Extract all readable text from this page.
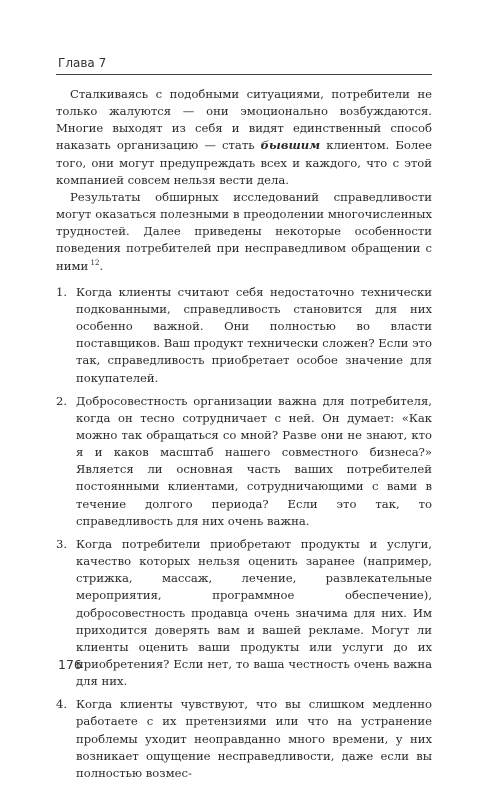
Глава 7

Сталкиваясь с подобными ситуациями, потребители не только жалуются — они эмоционально возбуждаются. Многие выходят из себя и видят единственный способ наказать организацию — стать бывшим клиентом. Более того, они могут предупреждать всех и каждого, что с этой компанией совсем нельзя вести дела.

Результаты обширных исследований справедливости могут оказаться полезными в преодолении многочисленных трудностей. Далее приведены некоторые особенности поведения потребителей при несправедливом обращении с ними  $^{12}$.

1. Когда клиенты считают себя недостаточно технически подкованными, справедливость становится для них особенно важной. Они полностью во власти поставщиков. Ваш продукт технически сложен? Если это так, справедливость приобретает особое значение для покупателей.
2. Добросовестность организации важна для потребителя, когда он тесно сотрудничает с ней. Он думает: «Как можно так обращаться со мной? Разве они не знают, кто я и каков масштаб нашего совместного бизнеса?» Является ли основная часть ваших потребителей постоянными клиентами, сотрудничающими с вами в течение долгого периода? Если это так, то справедливость для них очень важна.
3. Когда потребители приобретают продукты и услуги, качество которых нельзя оценить заранее (например, стрижка, массаж, лечение, развлекательные мероприятия, программное обеспечение), добросовестность продавца очень значима для них. Им приходится доверять вам и вашей рекламе. Могут ли клиенты оценить ваши продукты или услуги до их приобретения? Если нет, то ваша честность очень важна для них.
4. Когда клиенты чувствуют, что вы слишком медленно работаете с их претензиями или что на устранение проблемы уходит неоправданно много времени, у них возникает ощущение несправедливости, даже если вы полностью возмес-
176
